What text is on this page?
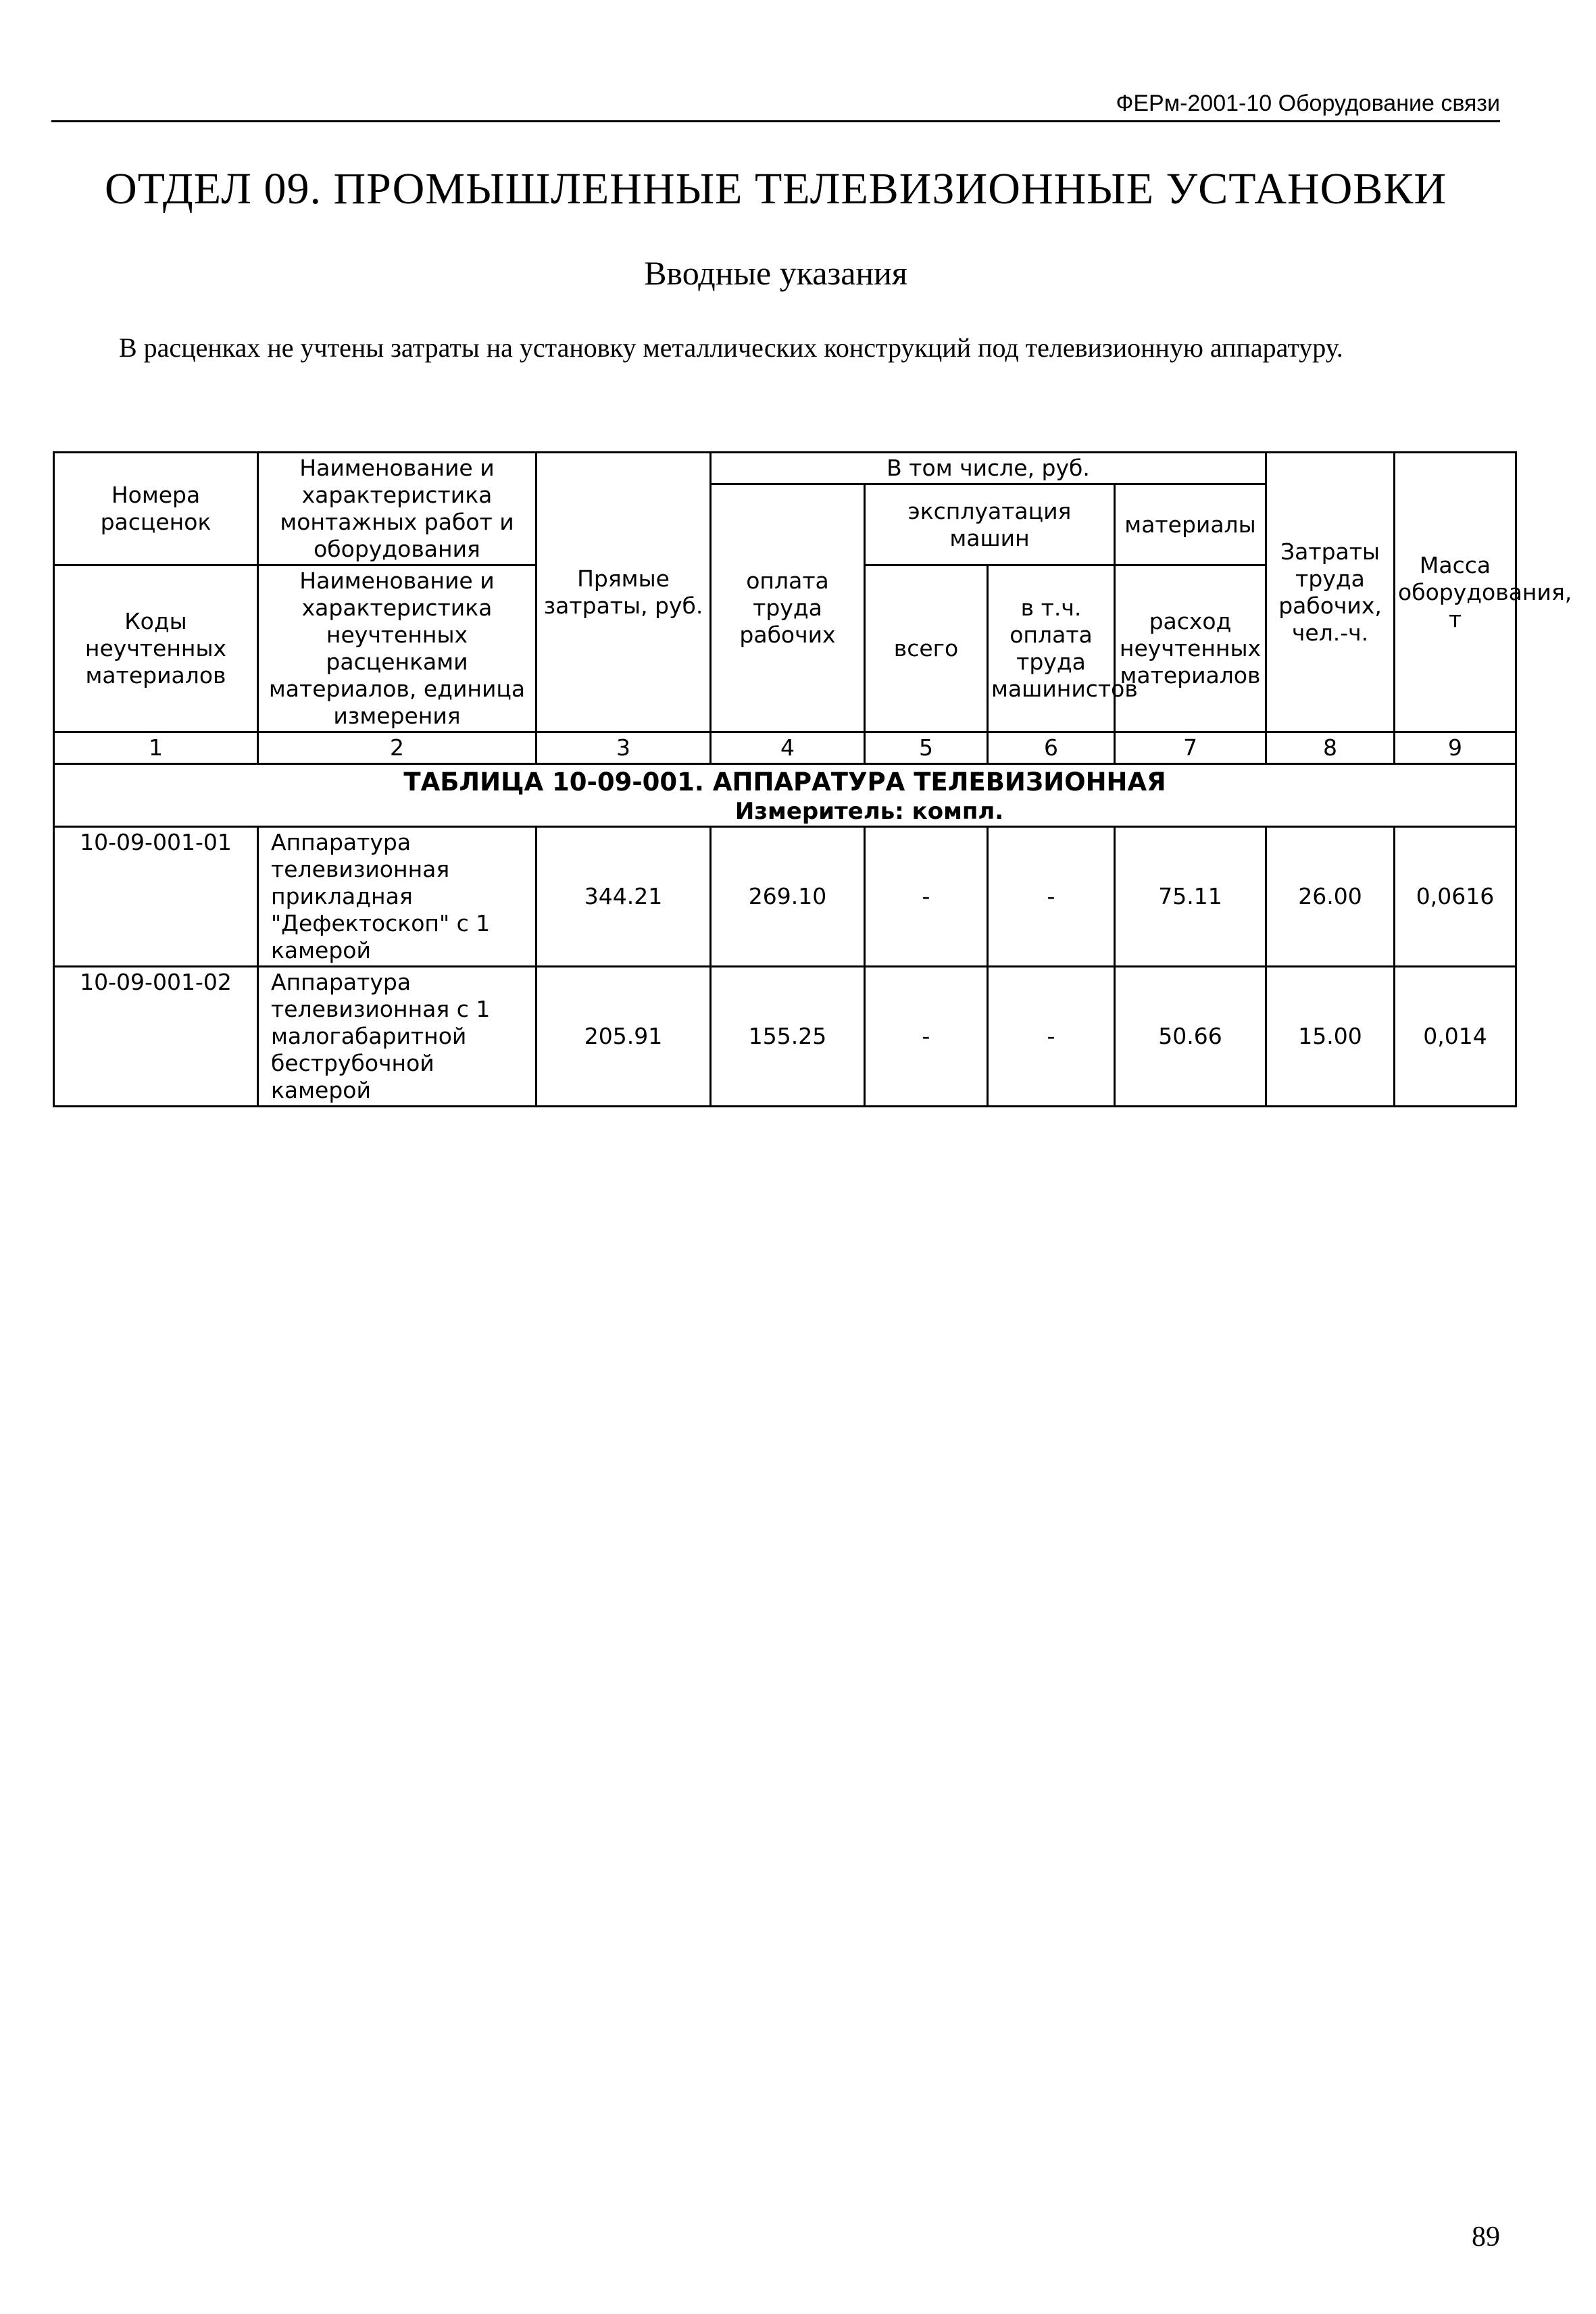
ФЕРм-2001-10 Оборудование связи
ОТДЕЛ 09. ПРОМЫШЛЕННЫЕ ТЕЛЕВИЗИОННЫЕ УСТАНОВКИ
Вводные указания
В расценках не учтены затраты на установку металлических конструкций под телевизионную аппаратуру.
Номера расценок	Наименование и характеристика монтажных работ и оборудования	Прямые затраты, руб.	В том числе, руб.				Затраты труда рабочих, чел.-ч.	Масса оборудования, т
			оплата труда рабочих	эксплуатация машин		материалы		
Коды неучтенных материалов	Наименование и характеристика неучтенных расценками материалов, единица измерения			всего	в т.ч. оплата труда машинистов	расход неучтенных материалов		

1	2	3	4	5	6	7	8	9
ТАБЛИЦА 10-09-001. АППАРАТУРА ТЕЛЕВИЗИОННАЯ
Измеритель: компл.								

10-09-001-01	Аппаратура телевизионная прикладная "Дефектоскоп" с 1 камерой	344.21	269.10	-	-	75.11	26.00	0,0616
10-09-001-02	Аппаратура телевизионная с 1 малогабаритной беструбочной камерой	205.91	155.25	-	-	50.66	15.00	0,014
89
